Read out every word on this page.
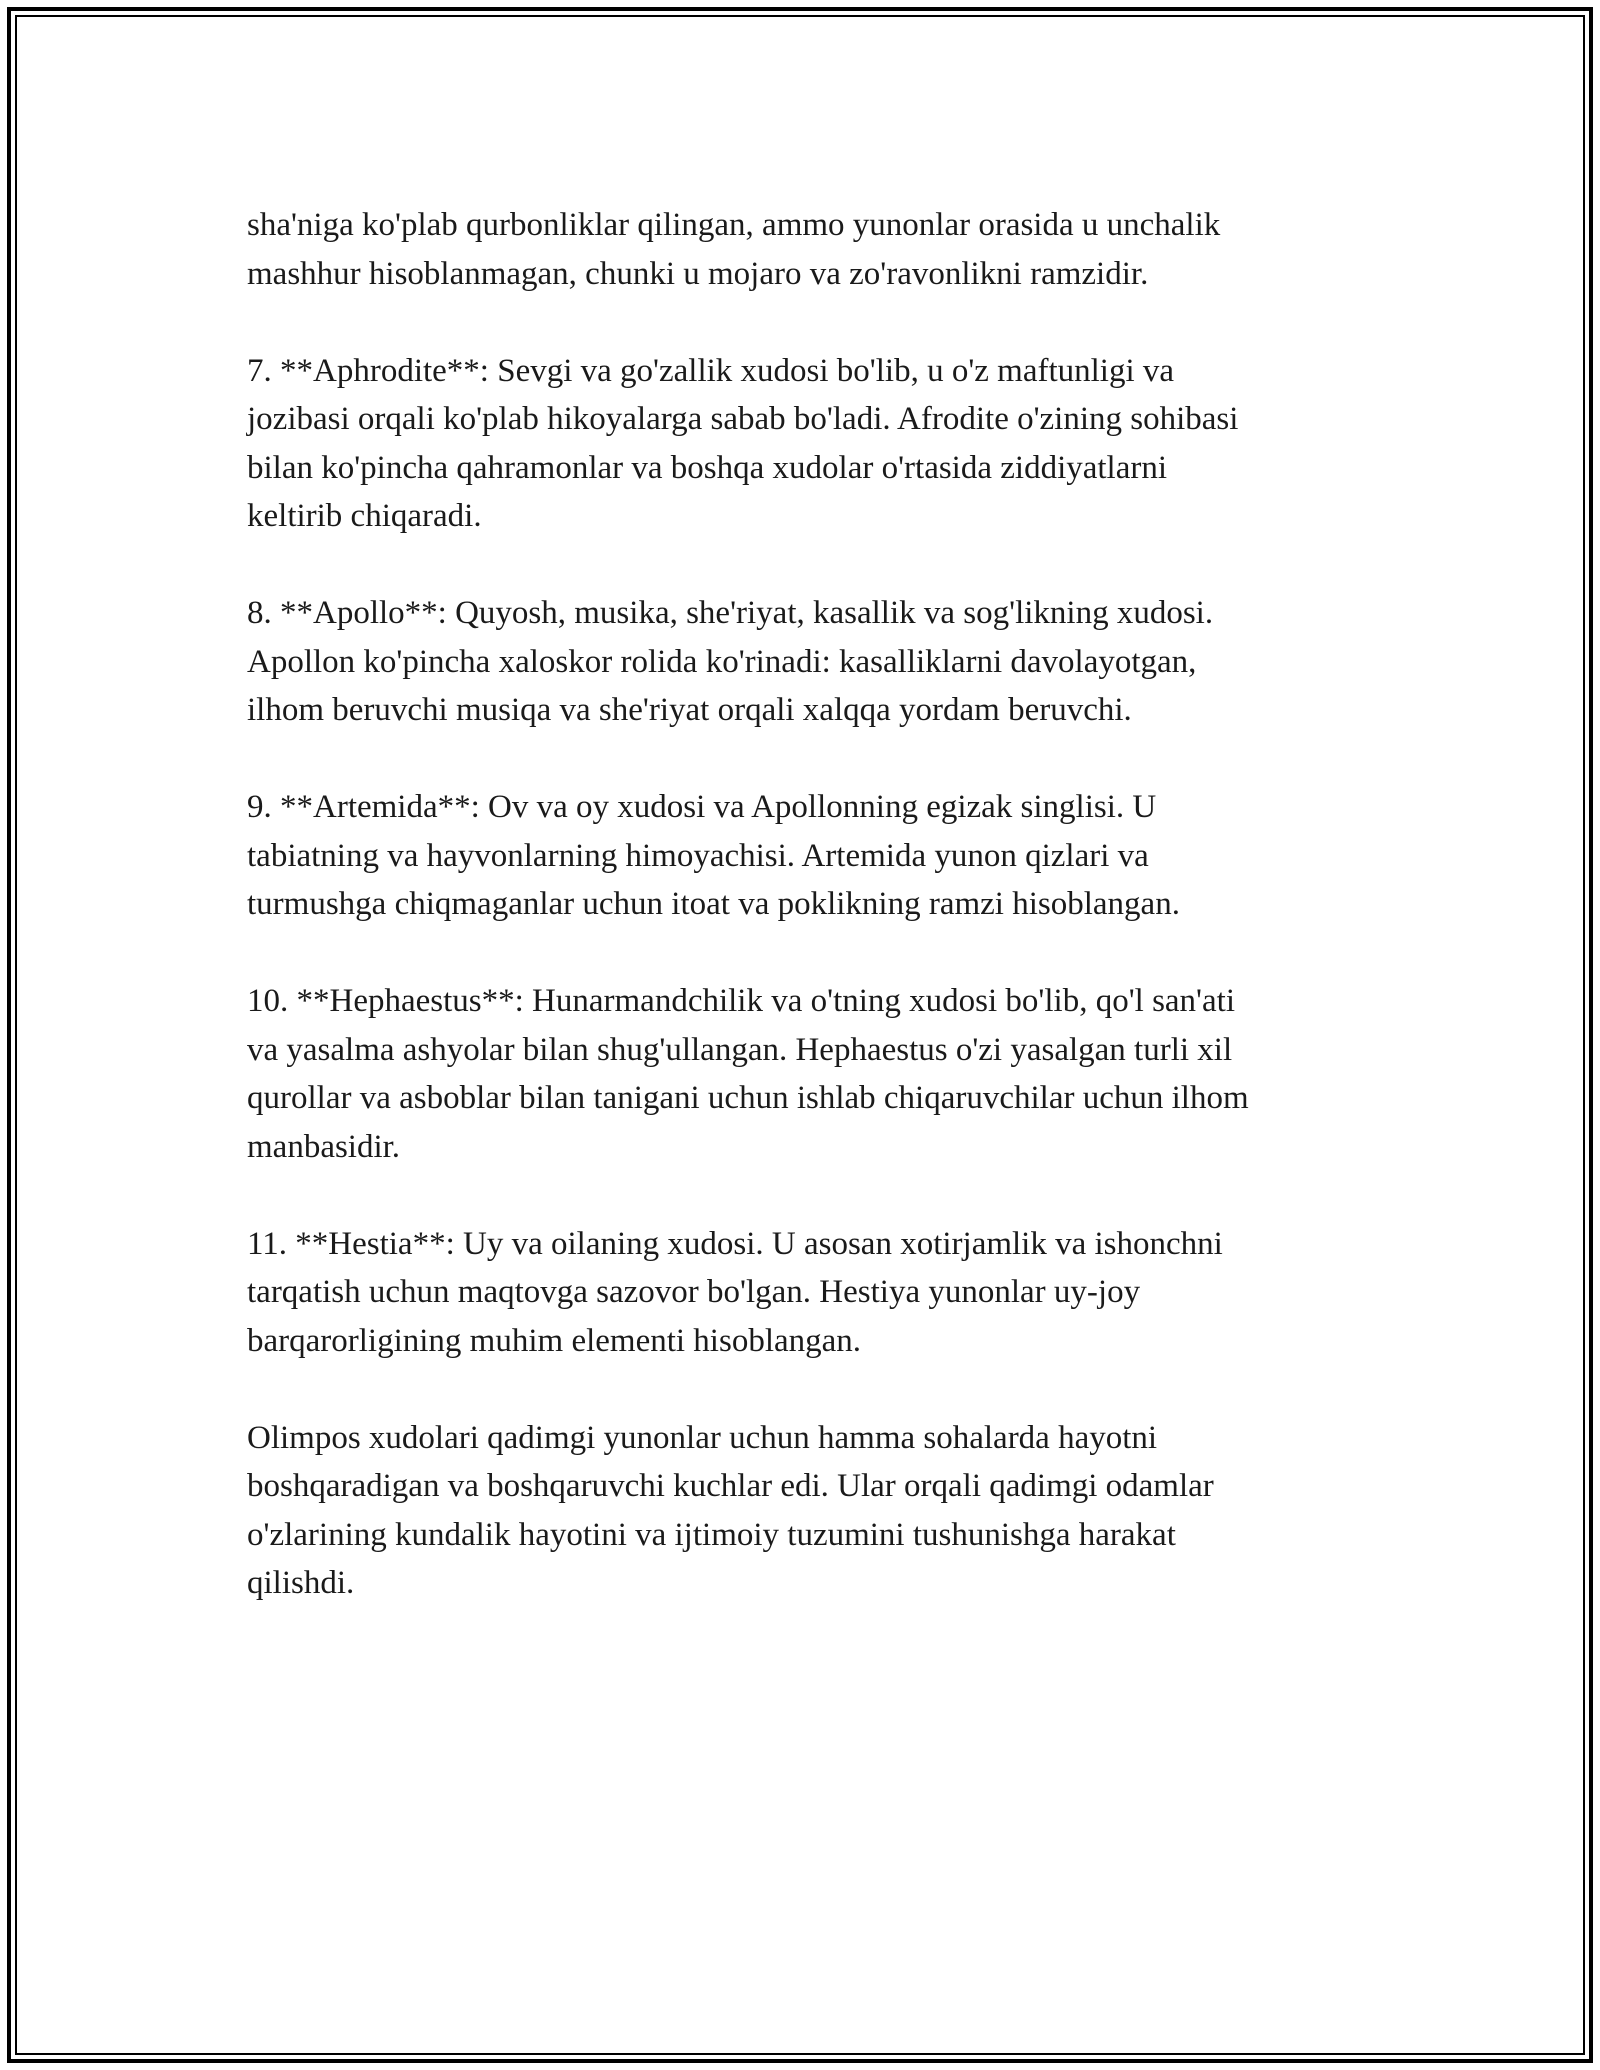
sha'niga ko'plab qurbonliklar qilingan, ammo yunonlar orasida u unchalik
mashhur hisoblanmagan, chunki u mojaro va zo'ravonlikni ramzidir.

7. **Aphrodite**: Sevgi va go'zallik xudosi bo'lib, u o'z maftunligi va
jozibasi orqali ko'plab hikoyalarga sabab bo'ladi. Afrodite o'zining sohibasi
bilan ko'pincha qahramonlar va boshqa xudolar o'rtasida ziddiyatlarni
keltirib chiqaradi.

8. **Apollo**: Quyosh, musika, she'riyat, kasallik va sog'likning xudosi.
Apollon ko'pincha xaloskor rolida ko'rinadi: kasalliklarni davolayotgan,
ilhom beruvchi musiqa va she'riyat orqali xalqqa yordam beruvchi.

9. **Artemida**: Ov va oy xudosi va Apollonning egizak singlisi. U
tabiatning va hayvonlarning himoyachisi. Artemida yunon qizlari va
turmushga chiqmaganlar uchun itoat va poklikning ramzi hisoblangan.

10. **Hephaestus**: Hunarmandchilik va o'tning xudosi bo'lib, qo'l san'ati
va yasalma ashyolar bilan shug'ullangan. Hephaestus o'zi yasalgan turli xil
qurollar va asboblar bilan tanigani uchun ishlab chiqaruvchilar uchun ilhom
manbasidir.

11. **Hestia**: Uy va oilaning xudosi. U asosan xotirjamlik va ishonchni
tarqatish uchun maqtovga sazovor bo'lgan. Hestiya yunonlar uy-joy
barqarorligining muhim elementi hisoblangan.

Olimpos xudolari qadimgi yunonlar uchun hamma sohalarda hayotni
boshqaradigan va boshqaruvchi kuchlar edi. Ular orqali qadimgi odamlar
o'zlarining kundalik hayotini va ijtimoiy tuzumini tushunishga harakat
qilishdi.
